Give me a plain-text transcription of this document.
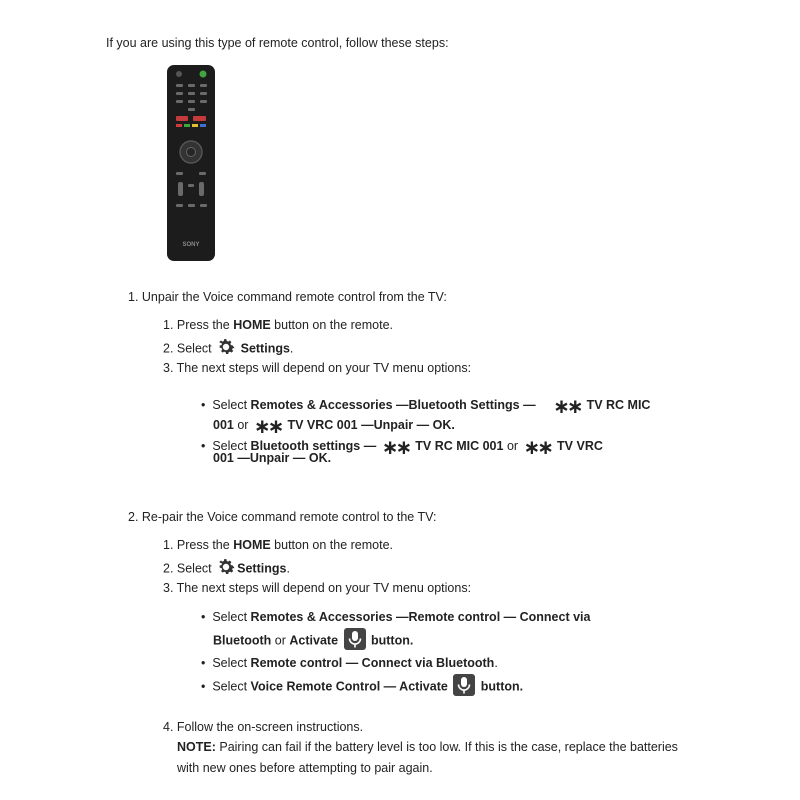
If you are using this type of remote control, follow these steps:
SONY
1. Unpair the Voice command remote control from the TV:
1. Press the HOME button on the remote.
2. Select  Settings.
3. The next steps will depend on your TV menu options:
•  Select Remotes & Accessories —Bluetooth Settings — ∗∗ TV RC MIC
001 or ∗∗ TV VRC 001 —Unpair — OK.
•  Select Bluetooth settings — ∗∗ TV RC MIC 001 or ∗∗ TV VRC
001 —Unpair — OK.
2. Re-pair the Voice command remote control to the TV:
1. Press the HOME button on the remote.
2. Select Settings.
3. The next steps will depend on your TV menu options:
•  Select Remotes & Accessories —Remote control — Connect via
Bluetooth or Activate  button.
•  Select Remote control — Connect via Bluetooth.
•  Select Voice Remote Control — Activate  button.
4. Follow the on-screen instructions.
NOTE: Pairing can fail if the battery level is too low. If this is the case, replace the batteries
with new ones before attempting to pair again.
